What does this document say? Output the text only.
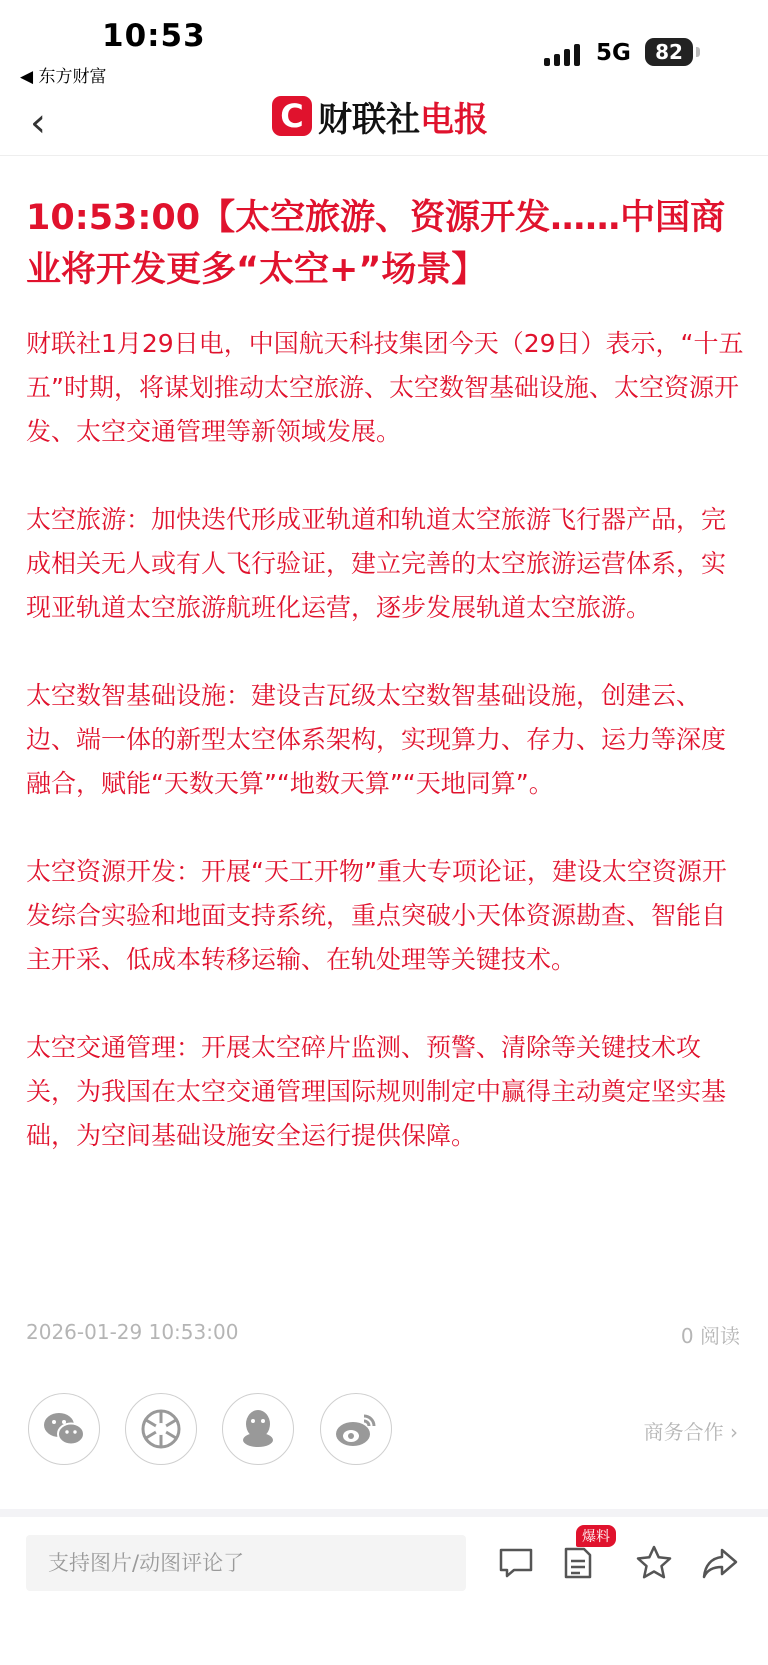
10:53
◀ 东方财富
5G	82
‹	C 财联社 电报
10:53:00【太空旅游、资源开发……中国商业将开发更多“太空+”场景】

财联社1月29日电，中国航天科技集团今天（29日）表示，“十五五”时期，将谋划推动太空旅游、太空数智基础设施、太空资源开发、太空交通管理等新领域发展。

太空旅游：加快迭代形成亚轨道和轨道太空旅游飞行器产品，完成相关无人或有人飞行验证，建立完善的太空旅游运营体系，实现亚轨道太空旅游航班化运营，逐步发展轨道太空旅游。

太空数智基础设施：建设吉瓦级太空数智基础设施，创建云、边、端一体的新型太空体系架构，实现算力、存力、运力等深度融合，赋能“天数天算”“地数天算”“天地同算”。

太空资源开发：开展“天工开物”重大专项论证，建设太空资源开发综合实验和地面支持系统，重点突破小天体资源勘查、智能自主开采、低成本转移运输、在轨处理等关键技术。

太空交通管理：开展太空碎片监测、预警、清除等关键技术攻关，为我国在太空交通管理国际规则制定中赢得主动奠定坚实基础，为空间基础设施安全运行提供保障。

2026-01-29 10:53:00	0 阅读
商务合作 ›
支持图片/动图评论了
爆料
